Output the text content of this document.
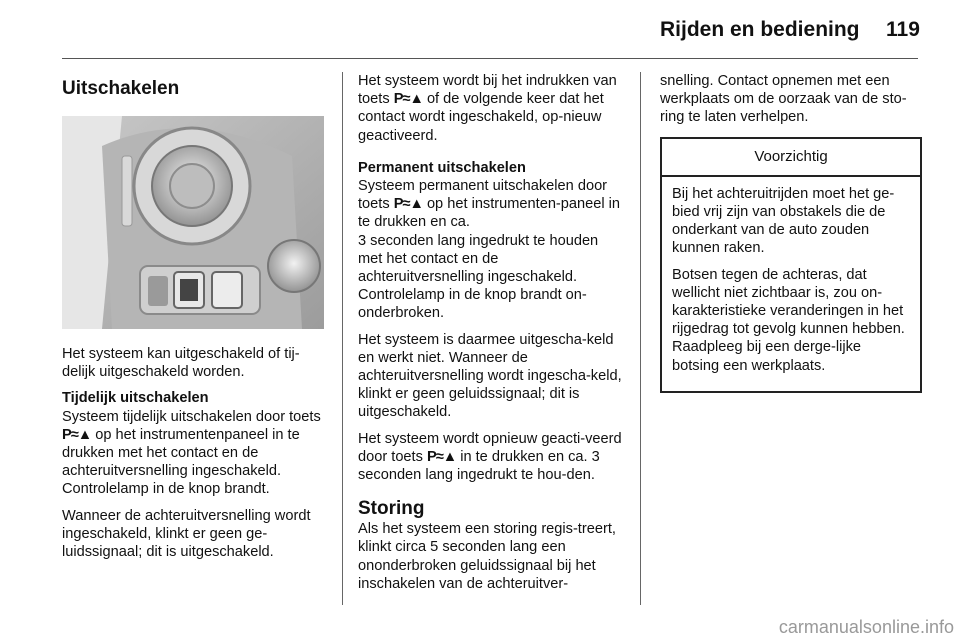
Rijden en bediening 119
Uitschakelen

Het systeem kan uitgeschakeld of tij-delijk uitgeschakeld worden.

Tijdelijk uitschakelen

Systeem tijdelijk uitschakelen door toets P≈▲ op het instrumentenpaneel in te drukken met het contact en de achteruitversnelling ingeschakeld. Controlelamp in de knop brandt.

Wanneer de achteruitversnelling wordt ingeschakeld, klinkt er geen ge-luidssignaal; dit is uitgeschakeld.

Het systeem wordt bij het indrukken van toets P≈▲ of de volgende keer dat het contact wordt ingeschakeld, op-nieuw geactiveerd.

Permanent uitschakelen

Systeem permanent uitschakelen door toets P≈▲ op het instrumenten-paneel in te drukken en ca.

3 seconden lang ingedrukt te houden met het contact en de achteruitversnelling ingeschakeld. Controlelamp in de knop brandt on-onderbroken.

Het systeem is daarmee uitgescha-keld en werkt niet. Wanneer de achteruitversnelling wordt ingescha-keld, klinkt er geen geluidssignaal; dit is uitgeschakeld.

Het systeem wordt opnieuw geacti-veerd door toets P≈▲ in te drukken en ca. 3 seconden lang ingedrukt te hou-den.

Storing

Als het systeem een storing regis-treert, klinkt circa 5 seconden lang een ononderbroken geluidssignaal bij het inschakelen van de achteruitver-

snelling. Contact opnemen met een werkplaats om de oorzaak van de sto-ring te laten verhelpen.

Voorzichtig

Bij het achteruitrijden moet het ge-bied vrij zijn van obstakels die de onderkant van de auto zouden kunnen raken.

Botsen tegen de achteras, dat wellicht niet zichtbaar is, zou on-karakteristieke veranderingen in het rijgedrag tot gevolg kunnen hebben. Raadpleeg bij een derge-lijke botsing een werkplaats.

carmanualsonline.info
